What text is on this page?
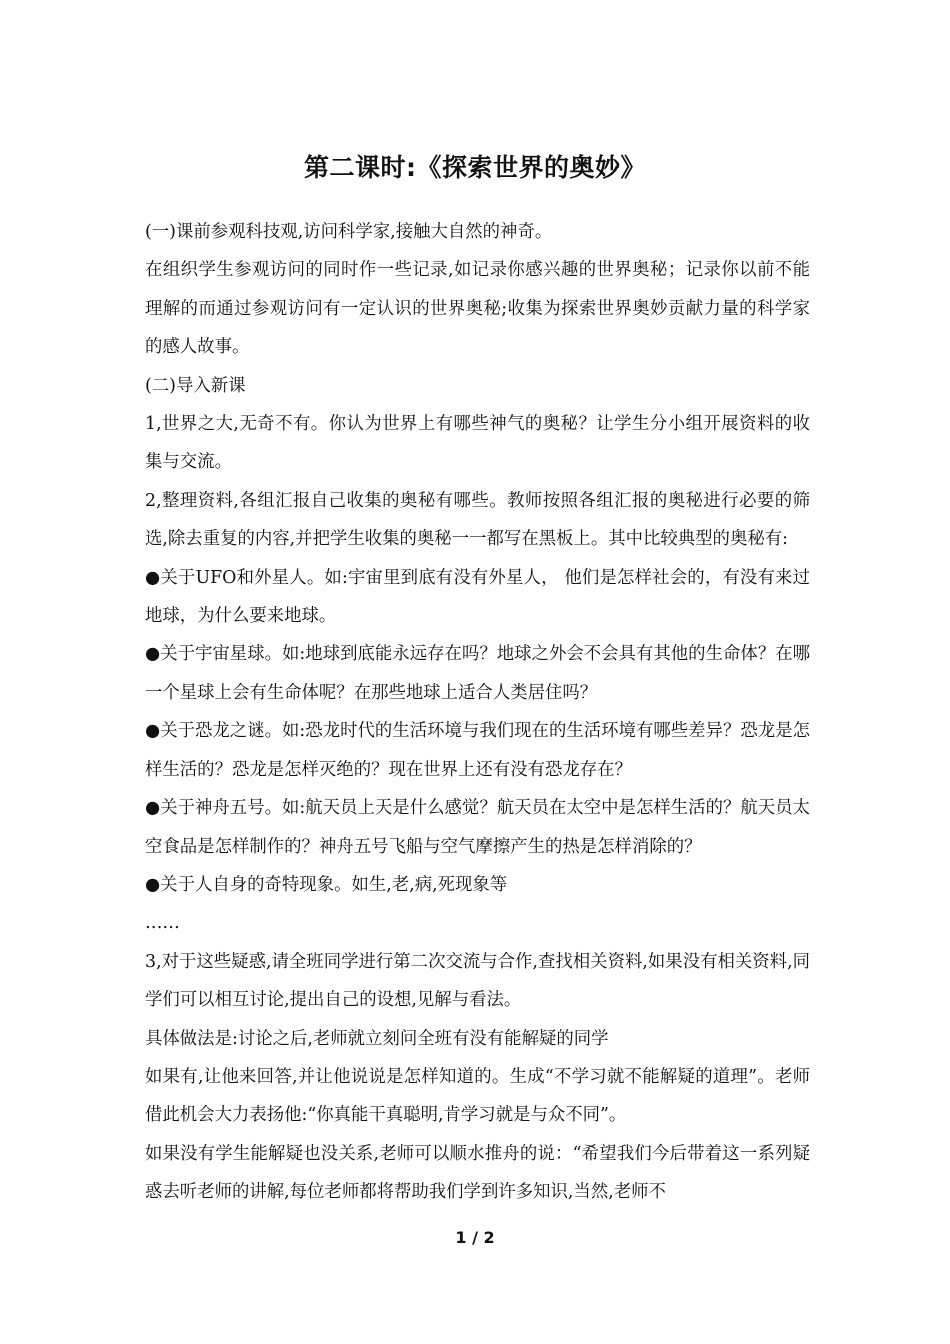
第二课时:《探索世界的奥妙》

(一)课前参观科技观,访问科学家,接触大自然的神奇。

在组织学生参观访问的同时作一些记录,如记录你感兴趣的世界奥秘；记录你以前不能理解的而通过参观访问有一定认识的世界奥秘;收集为探索世界奥妙贡献力量的科学家的感人故事。

(二)导入新课

1,世界之大,无奇不有。你认为世界上有哪些神气的奥秘？让学生分小组开展资料的收集与交流。

2,整理资料,各组汇报自己收集的奥秘有哪些。教师按照各组汇报的奥秘进行必要的筛选,除去重复的内容,并把学生收集的奥秘一一都写在黑板上。其中比较典型的奥秘有:

●关于UFO和外星人。如:宇宙里到底有没有外星人， 他们是怎样社会的，有没有来过地球，为什么要来地球。

●关于宇宙星球。如:地球到底能永远存在吗？地球之外会不会具有其他的生命体？在哪一个星球上会有生命体呢？在那些地球上适合人类居住吗？

●关于恐龙之谜。如:恐龙时代的生活环境与我们现在的生活环境有哪些差异？恐龙是怎样生活的？恐龙是怎样灭绝的？现在世界上还有没有恐龙存在？

●关于神舟五号。如:航天员上天是什么感觉？航天员在太空中是怎样生活的？航天员太空食品是怎样制作的？神舟五号飞船与空气摩擦产生的热是怎样消除的？

●关于人自身的奇特现象。如生,老,病,死现象等

……

3,对于这些疑惑,请全班同学进行第二次交流与合作,查找相关资料,如果没有相关资料,同学们可以相互讨论,提出自己的设想,见解与看法。

具体做法是:讨论之后,老师就立刻问全班有没有能解疑的同学

如果有,让他来回答,并让他说说是怎样知道的。生成“不学习就不能解疑的道理”。老师借此机会大力表扬他:“你真能干真聪明,肯学习就是与众不同”。

如果没有学生能解疑也没关系,老师可以顺水推舟的说：“希望我们今后带着这一系列疑惑去听老师的讲解,每位老师都将帮助我们学到许多知识,当然,老师不

1 / 2
